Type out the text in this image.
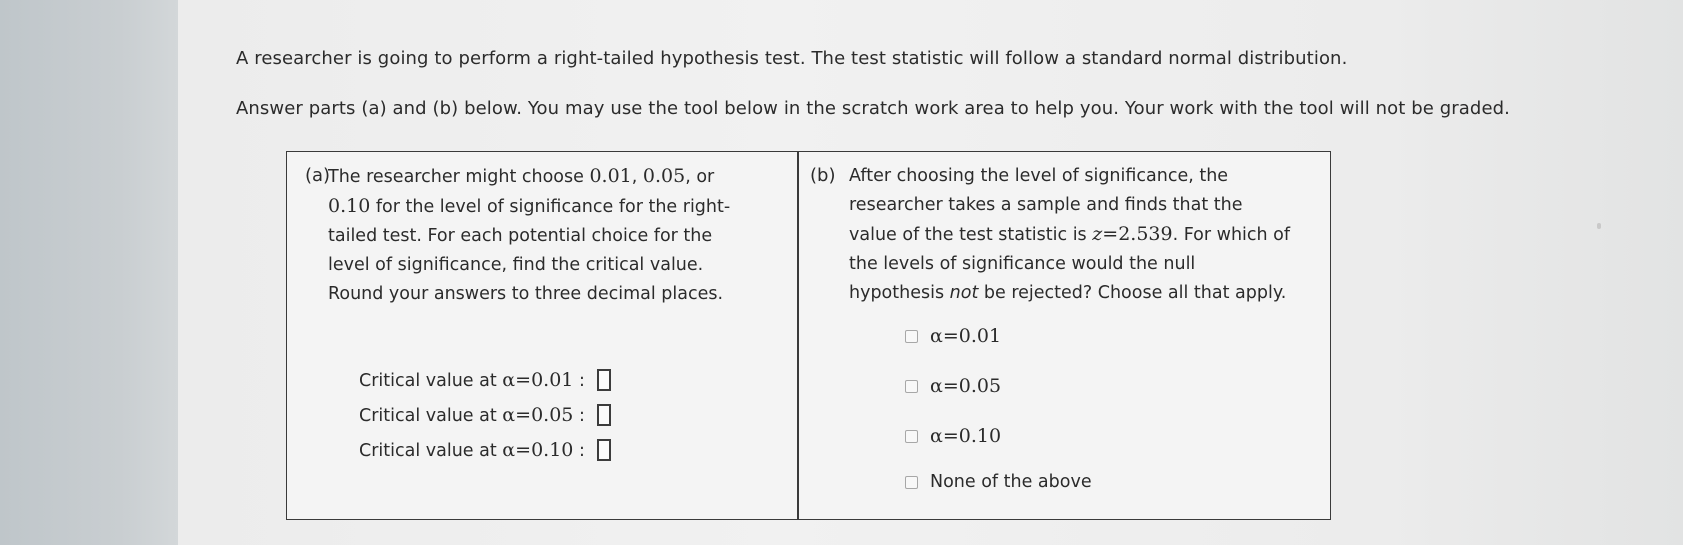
A researcher is going to perform a right-tailed hypothesis test. The test statistic will follow a standard normal distribution.
Answer parts (a) and (b) below. You may use the tool below in the scratch work area to help you. Your work with the tool will not be graded.
(a)
The researcher might choose 0.01, 0.05, or
0.10 for the level of significance for the right-
tailed test. For each potential choice for the
level of significance, find the critical value.
Round your answers to three decimal places.
Critical value at α=0.01 :
Critical value at α=0.05 :
Critical value at α=0.10 :
(b) After choosing the level of significance, the
researcher takes a sample and finds that the
value of the test statistic is z=2.539. For which of
the levels of significance would the null
hypothesis not be rejected? Choose all that apply.
α = 0.01
α = 0.05
α = 0.10
None of the above
